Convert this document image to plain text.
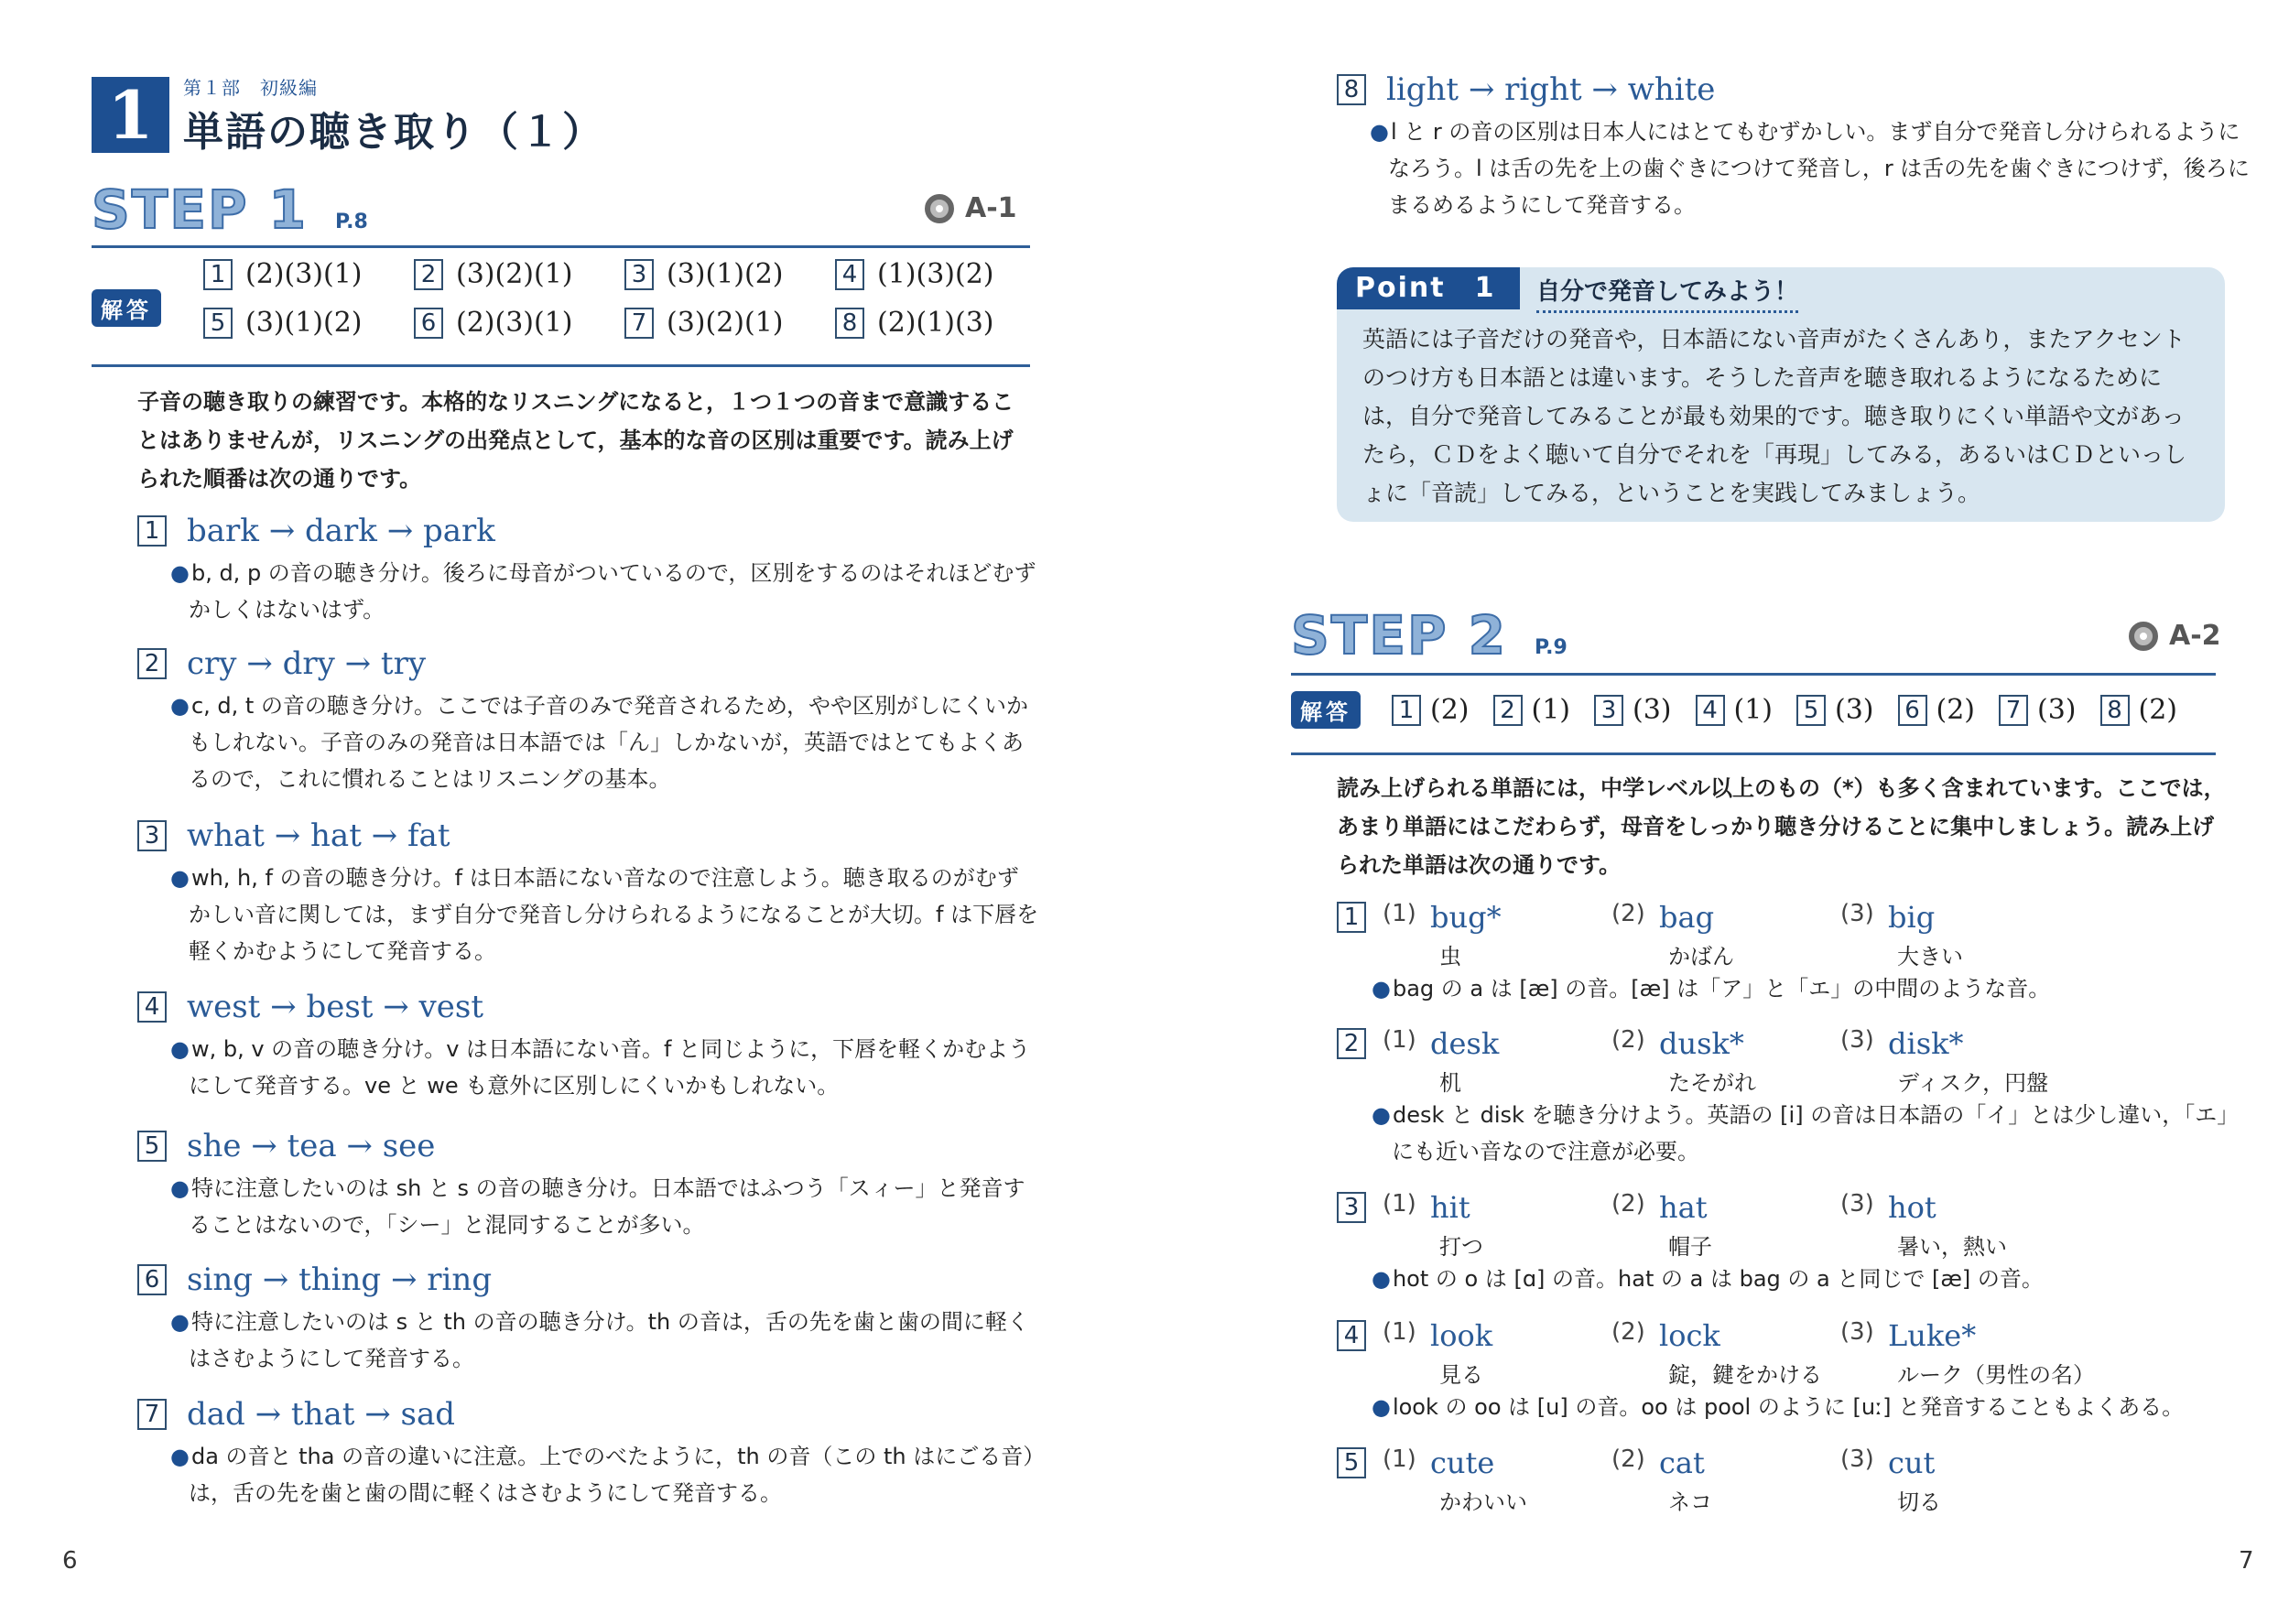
1	第１部　初級編
単語の聴き取り（１）
STEP 1 P.8	A-1
解答
1 (2)(3)(1) 2 (3)(2)(1) 3 (3)(1)(2) 4 (1)(3)(2)
5 (3)(1)(2) 6 (2)(3)(1) 7 (3)(2)(1) 8 (2)(1)(3)
子音の聴き取りの練習です。本格的なリスニングになると，１つ１つの音まで意識することはありませんが，リスニングの出発点として，基本的な音の区別は重要です。読み上げられた順番は次の通りです。
1 bark → dark → park
● b, d, p の音の聴き分け。後ろに母音がついているので，区別をするのはそれほどむずかしくはないはず。
2 cry → dry → try
● c, d, t の音の聴き分け。ここでは子音のみで発音されるため，やや区別がしにくいかもしれない。子音のみの発音は日本語では「ん」しかないが，英語ではとてもよくあるので，これに慣れることはリスニングの基本。
3 what → hat → fat
● wh, h, f の音の聴き分け。f は日本語にない音なので注意しよう。聴き取るのがむずかしい音に関しては，まず自分で発音し分けられるようになることが大切。f は下唇を軽くかむようにして発音する。
4 west → best → vest
● w, b, v の音の聴き分け。v は日本語にない音。f と同じように，下唇を軽くかむようにして発音する。ve と we も意外に区別しにくいかもしれない。
5 she → tea → see
● 特に注意したいのは sh と s の音の聴き分け。日本語ではふつう「スィー」と発音することはないので，「シー」と混同することが多い。
6 sing → thing → ring
● 特に注意したいのは s と th の音の聴き分け。th の音は，舌の先を歯と歯の間に軽くはさむようにして発音する。
7 dad → that → sad
● da の音と tha の音の違いに注意。上でのべたように，th の音（この th はにごる音）は，舌の先を歯と歯の間に軽くはさむようにして発音する。
6
8 light → right → white
● l と r の音の区別は日本人にはとてもむずかしい。まず自分で発音し分けられるようになろう。l は舌の先を上の歯ぐきにつけて発音し，r は舌の先を歯ぐきにつけず，後ろにまるめるようにして発音する。
Point　1	自分で発音してみよう！
英語には子音だけの発音や，日本語にない音声がたくさんあり，またアクセントのつけ方も日本語とは違います。そうした音声を聴き取れるようになるためには，自分で発音してみることが最も効果的です。聴き取りにくい単語や文があったら，ＣＤをよく聴いて自分でそれを「再現」してみる，あるいはＣＤといっしょに「音読」してみる，ということを実践してみましょう。
STEP 2 P.9	A-2
解答	1 (2) 2 (1) 3 (3) 4 (1) 5 (3) 6 (2) 7 (3) 8 (2)
読み上げられる単語には，中学レベル以上のもの（*）も多く含まれています。ここでは，あまり単語にはこだわらず，母音をしっかり聴き分けることに集中しましょう。読み上げられた単語は次の通りです。
1 (1) bug*	(2) bag	(3) big
虫	かばん	大きい
● bag の a は [æ] の音。[æ] は「ア」と「エ」の中間のような音。
2 (1) desk	(2) dusk*	(3) disk*
机	たそがれ	ディスク，円盤
● desk と disk を聴き分けよう。英語の [i] の音は日本語の「イ」とは少し違い，「エ」にも近い音なので注意が必要。
3 (1) hit	(2) hat	(3) hot
打つ	帽子	暑い，熱い
● hot の o は [ɑ] の音。hat の a は bag の a と同じで [æ] の音。
4 (1) look	(2) lock	(3) Luke*
見る	錠，鍵をかける	ルーク（男性の名）
● look の oo は [u] の音。oo は pool のように [uː] と発音することもよくある。
5 (1) cute	(2) cat	(3) cut
かわいい	ネコ	切る
7
